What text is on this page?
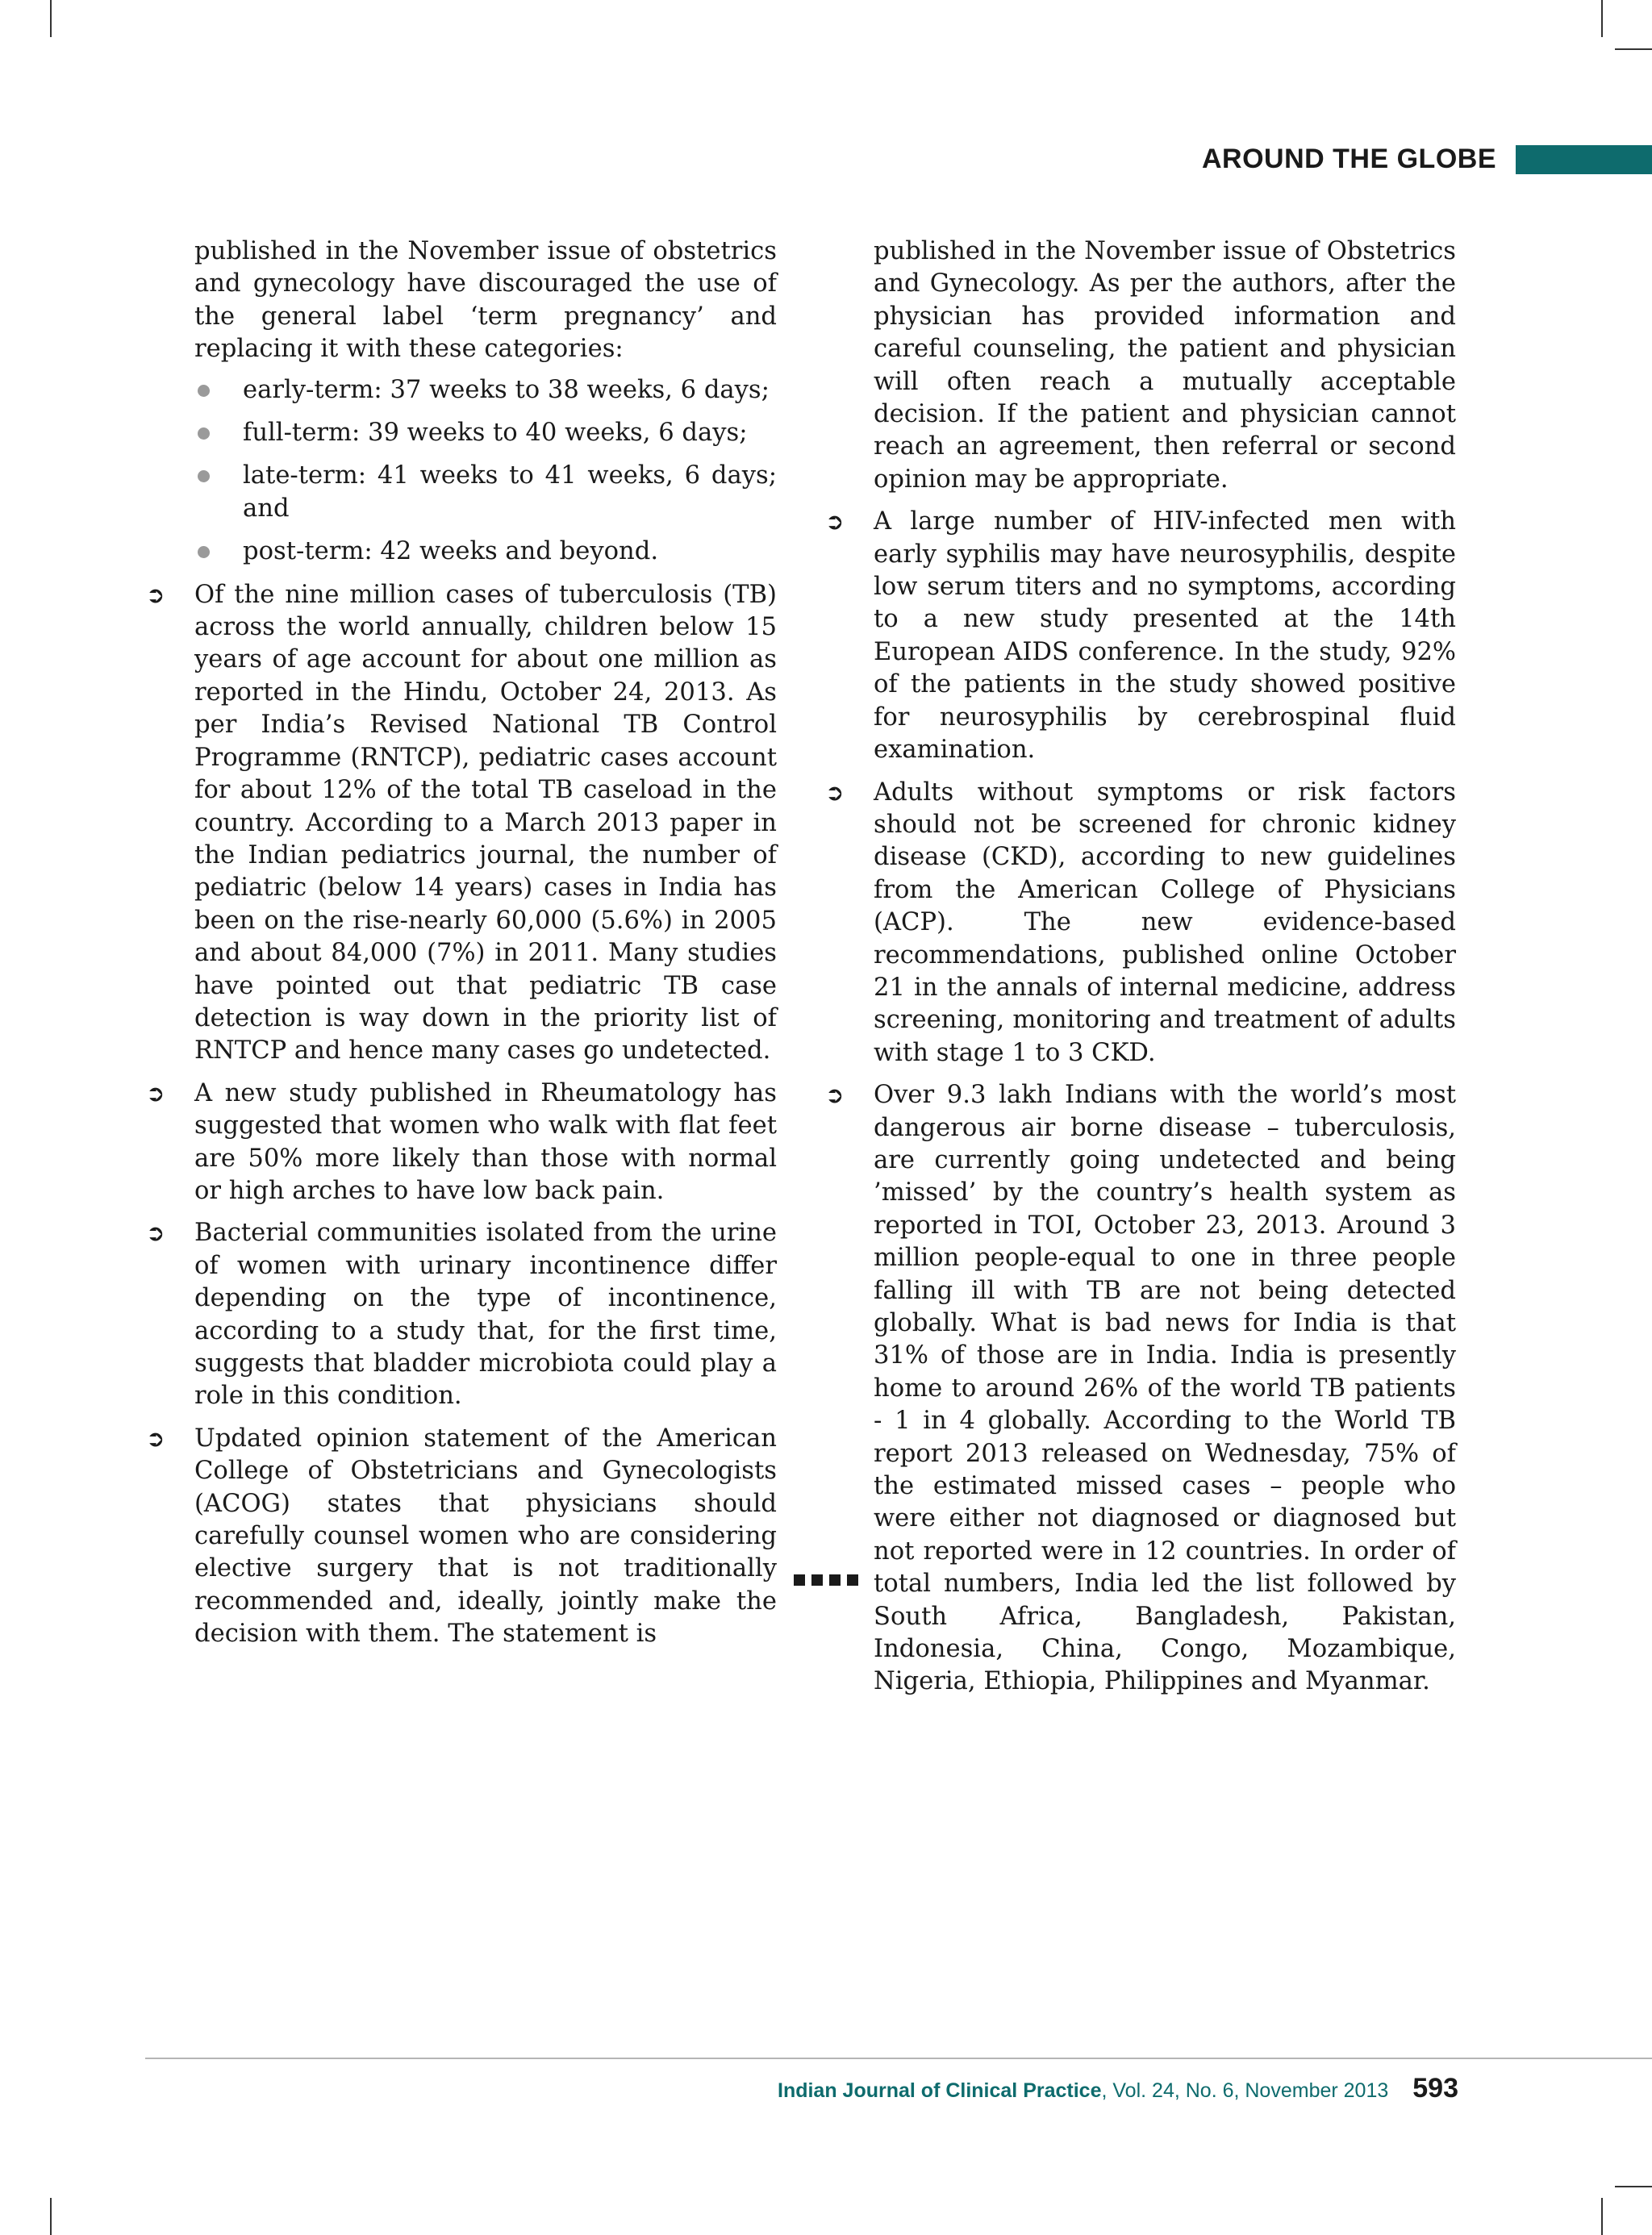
AROUND THE GLOBE

published in the November issue of obstetrics and gynecology have discouraged the use of the general label ‘term pregnancy’ and replacing it with these categories:

early-term: 37 weeks to 38 weeks, 6 days;
full-term: 39 weeks to 40 weeks, 6 days;
late-term: 41 weeks to 41 weeks, 6 days; and
post-term: 42 weeks and beyond.
➲	Of the nine million cases of tuberculosis (TB) across the world annually, children below 15 years of age account for about one million as reported in the Hindu, October 24, 2013. As per India’s Revised National TB Control Programme (RNTCP), pediatric cases account for about 12% of the total TB caseload in the country. According to a March 2013 paper in the Indian pediatrics journal, the number of pediatric (below 14 years) cases in India has been on the rise-nearly 60,000 (5.6%) in 2005 and about 84,000 (7%) in 2011. Many studies have pointed out that pediatric TB case detection is way down in the priority list of RNTCP and hence many cases go undetected.

➲	A new study published in Rheumatology has suggested that women who walk with flat feet are 50% more likely than those with normal or high arches to have low back pain.

➲	Bacterial communities isolated from the urine of women with urinary incontinence differ depending on the type of incontinence, according to a study that, for the first time, suggests that bladder microbiota could play a role in this condition.

➲	Updated opinion statement of the American College of Obstetricians and Gynecologists (ACOG) states that physicians should carefully counsel women who are considering elective surgery that is not traditionally recommended and, ideally, jointly make the decision with them. The statement is

published in the November issue of Obstetrics and Gynecology. As per the authors, after the physician has provided information and careful counseling, the patient and physician will often reach a mutually acceptable decision. If the patient and physician cannot reach an agreement, then referral or second opinion may be appropriate.

➲	A large number of HIV-infected men with early syphilis may have neurosyphilis, despite low serum titers and no symptoms, according to a new study presented at the 14th European AIDS conference. In the study, 92% of the patients in the study showed positive for neurosyphilis by cerebrospinal fluid examination.

➲	Adults without symptoms or risk factors should not be screened for chronic kidney disease (CKD), according to new guidelines from the American College of Physicians (ACP). The new evidence-based recommendations, published online October 21 in the annals of internal medicine, address screening, monitoring and treatment of adults with stage 1 to 3 CKD.

➲	Over 9.3 lakh Indians with the world’s most dangerous air borne disease – tuberculosis, are currently going undetected and being ’missed’ by the country’s health system as reported in TOI, October 23, 2013. Around 3 million people-equal to one in three people falling ill with TB are not being detected globally. What is bad news for India is that 31% of those are in India. India is presently home to around 26% of the world TB patients - 1 in 4 globally. According to the World TB report 2013 released on Wednesday, 75% of the estimated missed cases – people who were either not diagnosed or diagnosed but not reported were in 12 countries. In order of total numbers, India led the list followed by South Africa, Bangladesh, Pakistan, Indonesia, China, Congo, Mozambique, Nigeria, Ethiopia, Philippines and Myanmar.

Indian Journal of Clinical Practice , Vol. 24, No. 6, November 2013 593
